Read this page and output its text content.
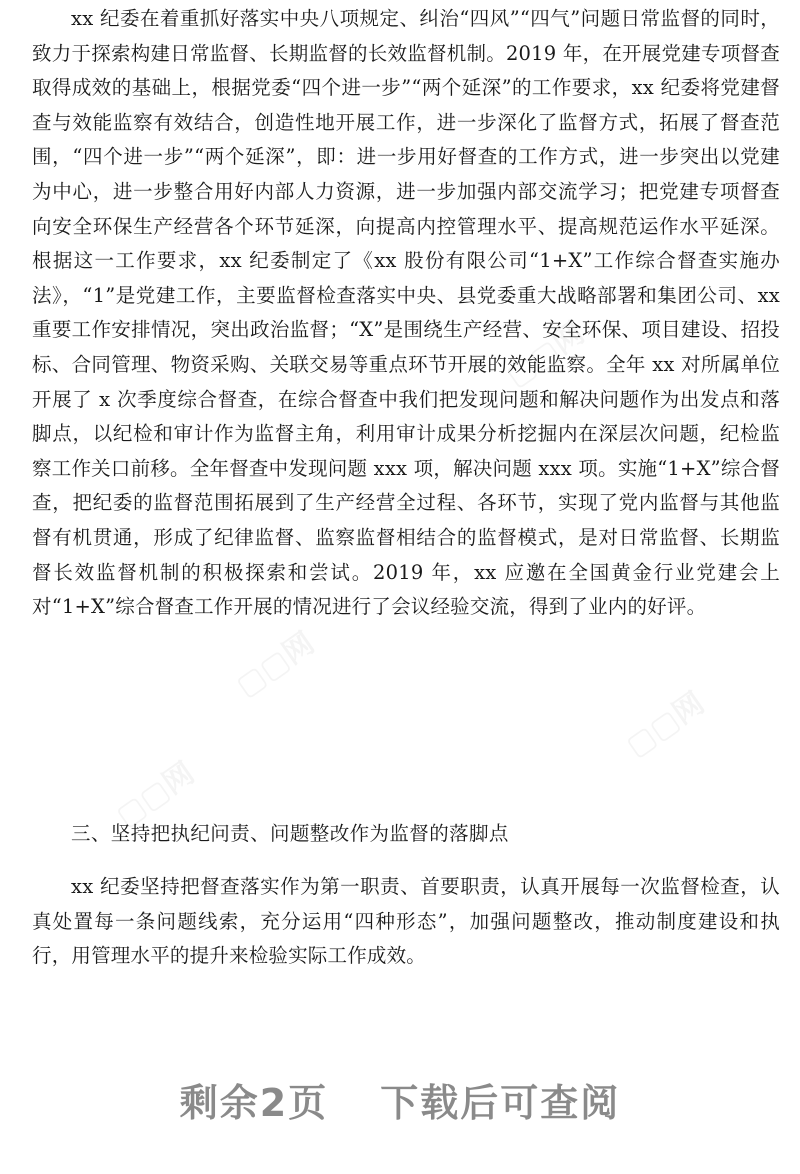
▢▢网
▢▢网
▢▢网
▢▢网

xx 纪委在着重抓好落实中央八项规定、纠治“四风”“四气”问题日常监督的同时，致力于探索构建日常监督、长期监督的长效监督机制。2019 年，在开展党建专项督查取得成效的基础上，根据党委“四个进一步”“两个延深”的工作要求，xx 纪委将党建督查与效能监察有效结合，创造性地开展工作，进一步深化了监督方式，拓展了督查范围，“四个进一步”“两个延深”，即：进一步用好督查的工作方式，进一步突出以党建为中心，进一步整合用好内部人力资源，进一步加强内部交流学习；把党建专项督查向安全环保生产经营各个环节延深，向提高内控管理水平、提高规范运作水平延深。根据这一工作要求，xx 纪委制定了《xx 股份有限公司“1+X”工作综合督查实施办法》，“1”是党建工作，主要监督检查落实中央、县党委重大战略部署和集团公司、xx 重要工作安排情况，突出政治监督；“X”是围绕生产经营、安全环保、项目建设、招投标、合同管理、物资采购、关联交易等重点环节开展的效能监察。全年 xx 对所属单位开展了 x 次季度综合督查，在综合督查中我们把发现问题和解决问题作为出发点和落脚点，以纪检和审计作为监督主角，利用审计成果分析挖掘内在深层次问题，纪检监察工作关口前移。全年督查中发现问题 xxx 项，解决问题 xxx 项。实施“1+X”综合督查，把纪委的监督范围拓展到了生产经营全过程、各环节，实现了党内监督与其他监督有机贯通，形成了纪律监督、监察监督相结合的监督模式，是对日常监督、长期监督长效监督机制的积极探索和尝试。2019 年，xx 应邀在全国黄金行业党建会上对“1+X”综合督查工作开展的情况进行了会议经验交流，得到了业内的好评。

三、坚持把执纪问责、问题整改作为监督的落脚点

xx 纪委坚持把督查落实作为第一职责、首要职责，认真开展每一次监督检查，认真处置每一条问题线索，充分运用“四种形态”，加强问题整改，推动制度建设和执行，用管理水平的提升来检验实际工作成效。

剩余2页 下载后可查阅
